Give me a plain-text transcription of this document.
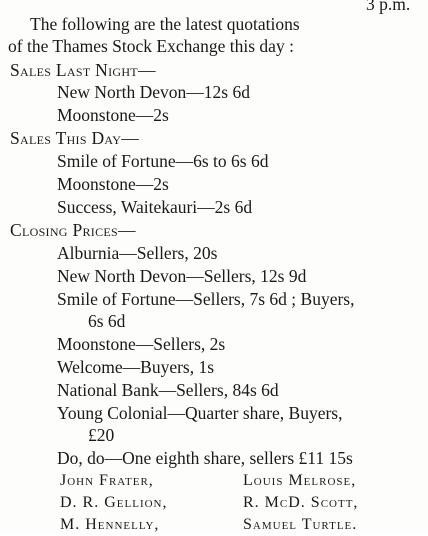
3 p.m.
The following are the latest quotations
of the Thames Stock Exchange this day :
Sales Last Night—
New North Devon—12s 6d
Moonstone—2s
Sales This Day—
Smile of Fortune—6s to 6s 6d
Moonstone—2s
Success, Waitekauri—2s 6d
Closing Prices—
Alburnia—Sellers, 20s
New North Devon—Sellers, 12s 9d
Smile of Fortune—Sellers, 7s 6d ; Buyers,
6s 6d
Moonstone—Sellers, 2s
Welcome—Buyers, 1s
National Bank—Sellers, 84s 6d
Young Colonial—Quarter share, Buyers,
£20
Do, do—One eighth share, sellers £11 15s
John Frater,	Louis Melrose,
D. R. Gellion,	R. McD. Scott,
M. Hennelly,	Samuel Turtle.
